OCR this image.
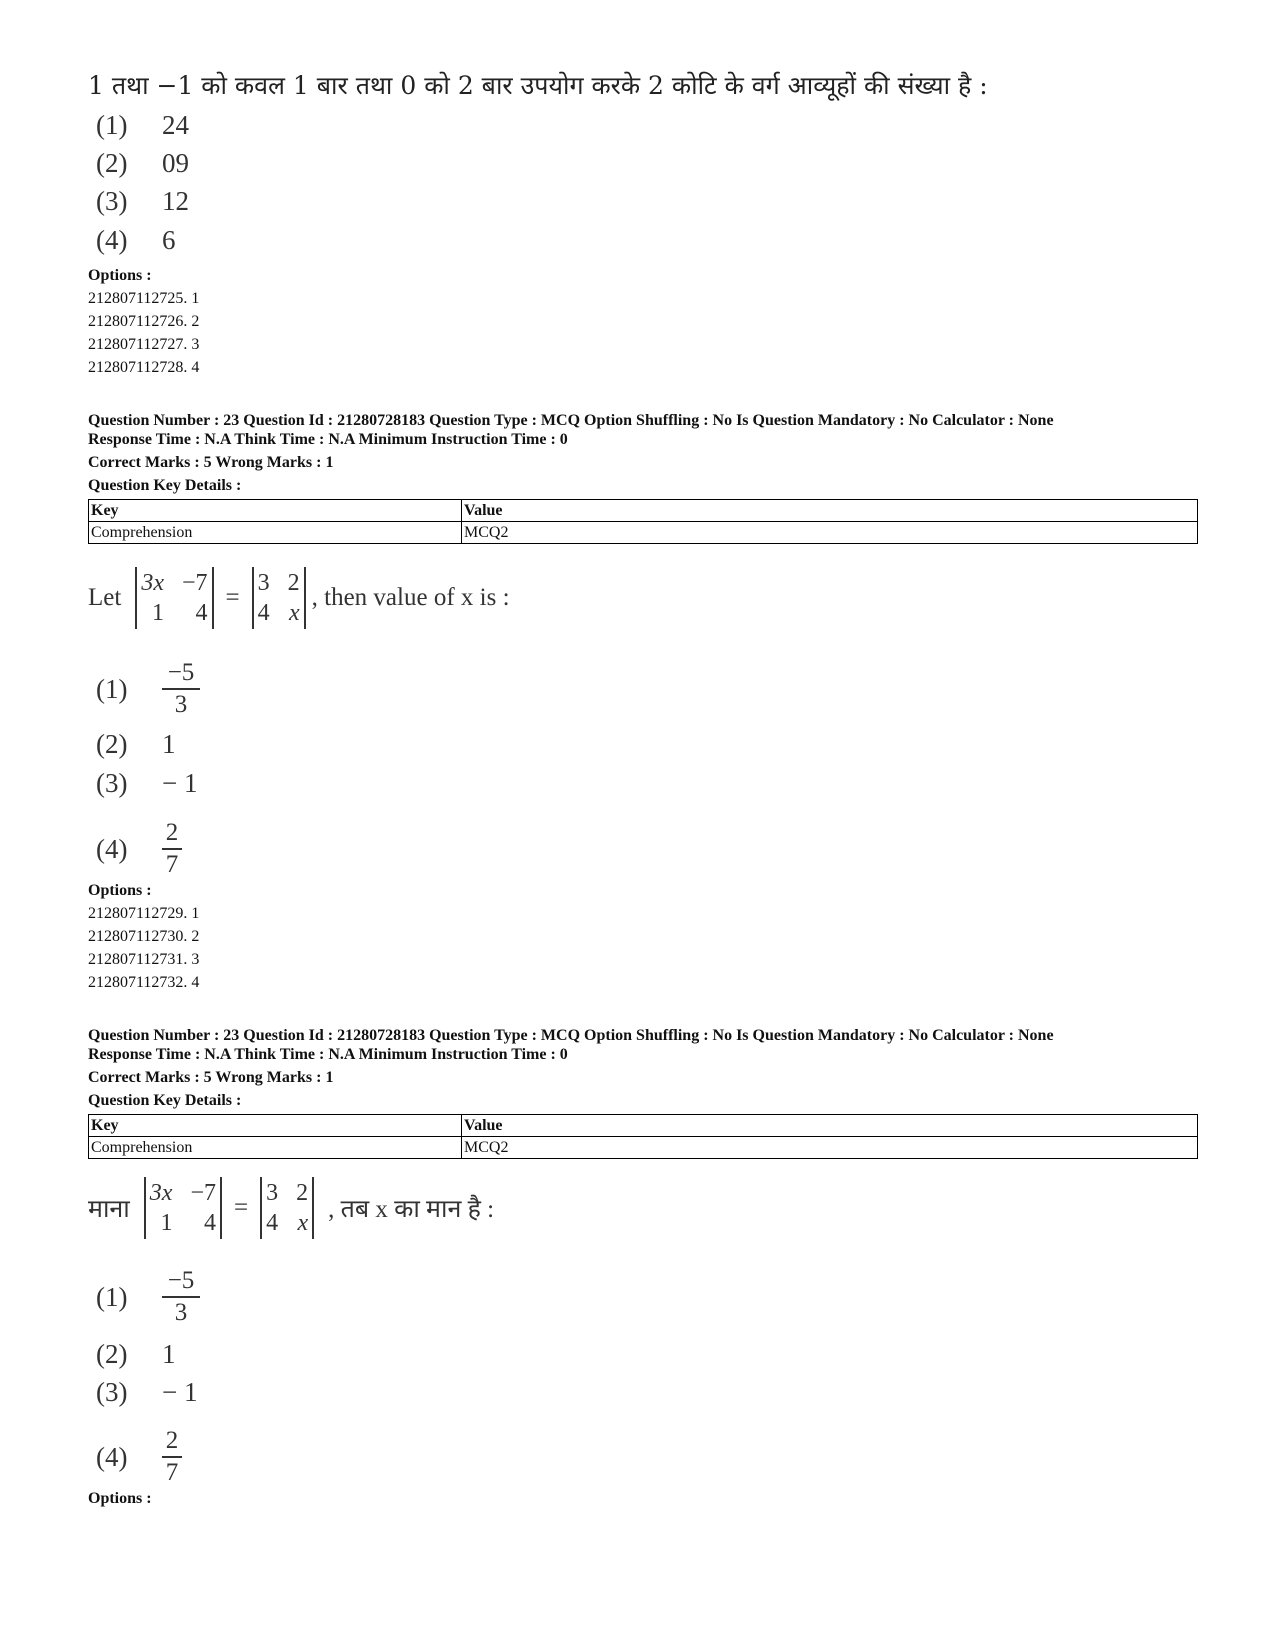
1 तथा −1 को कवल 1 बार तथा 0 को 2 बार उपयोग करके 2 कोटि के वर्ग आव्यूहों की संख्या है :
(1) 24
(2) 09
(3) 12
(4) 6
Options :
212807112725. 1
212807112726. 2
212807112727. 3
212807112728. 4
Question Number : 23 Question Id : 21280728183 Question Type : MCQ Option Shuffling : No Is Question Mandatory : No Calculator : None
Response Time : N.A Think Time : N.A Minimum Instruction Time : 0
Correct Marks : 5 Wrong Marks : 1
Question Key Details :
Key	Value
Comprehension	MCQ2
Let
3x −7
1	4
=
3 2
4 x
, then value of x is :
(1)	$\frac{-5}{3}$
(2) 1
(3) − 1
(4)	$\frac{2}{7}$
Options :
212807112729. 1
212807112730. 2
212807112731. 3
212807112732. 4
Question Number : 23 Question Id : 21280728183 Question Type : MCQ Option Shuffling : No Is Question Mandatory : No Calculator : None
Response Time : N.A Think Time : N.A Minimum Instruction Time : 0
Correct Marks : 5 Wrong Marks : 1
Question Key Details :
Key	Value
Comprehension	MCQ2
माना
3x −7
1	4
=
3 2
4 x , तब x का मान है :
(1)	$\frac{-5}{3}$
(2) 1
(3) − 1
(4)	$\frac{2}{7}$
Options :
